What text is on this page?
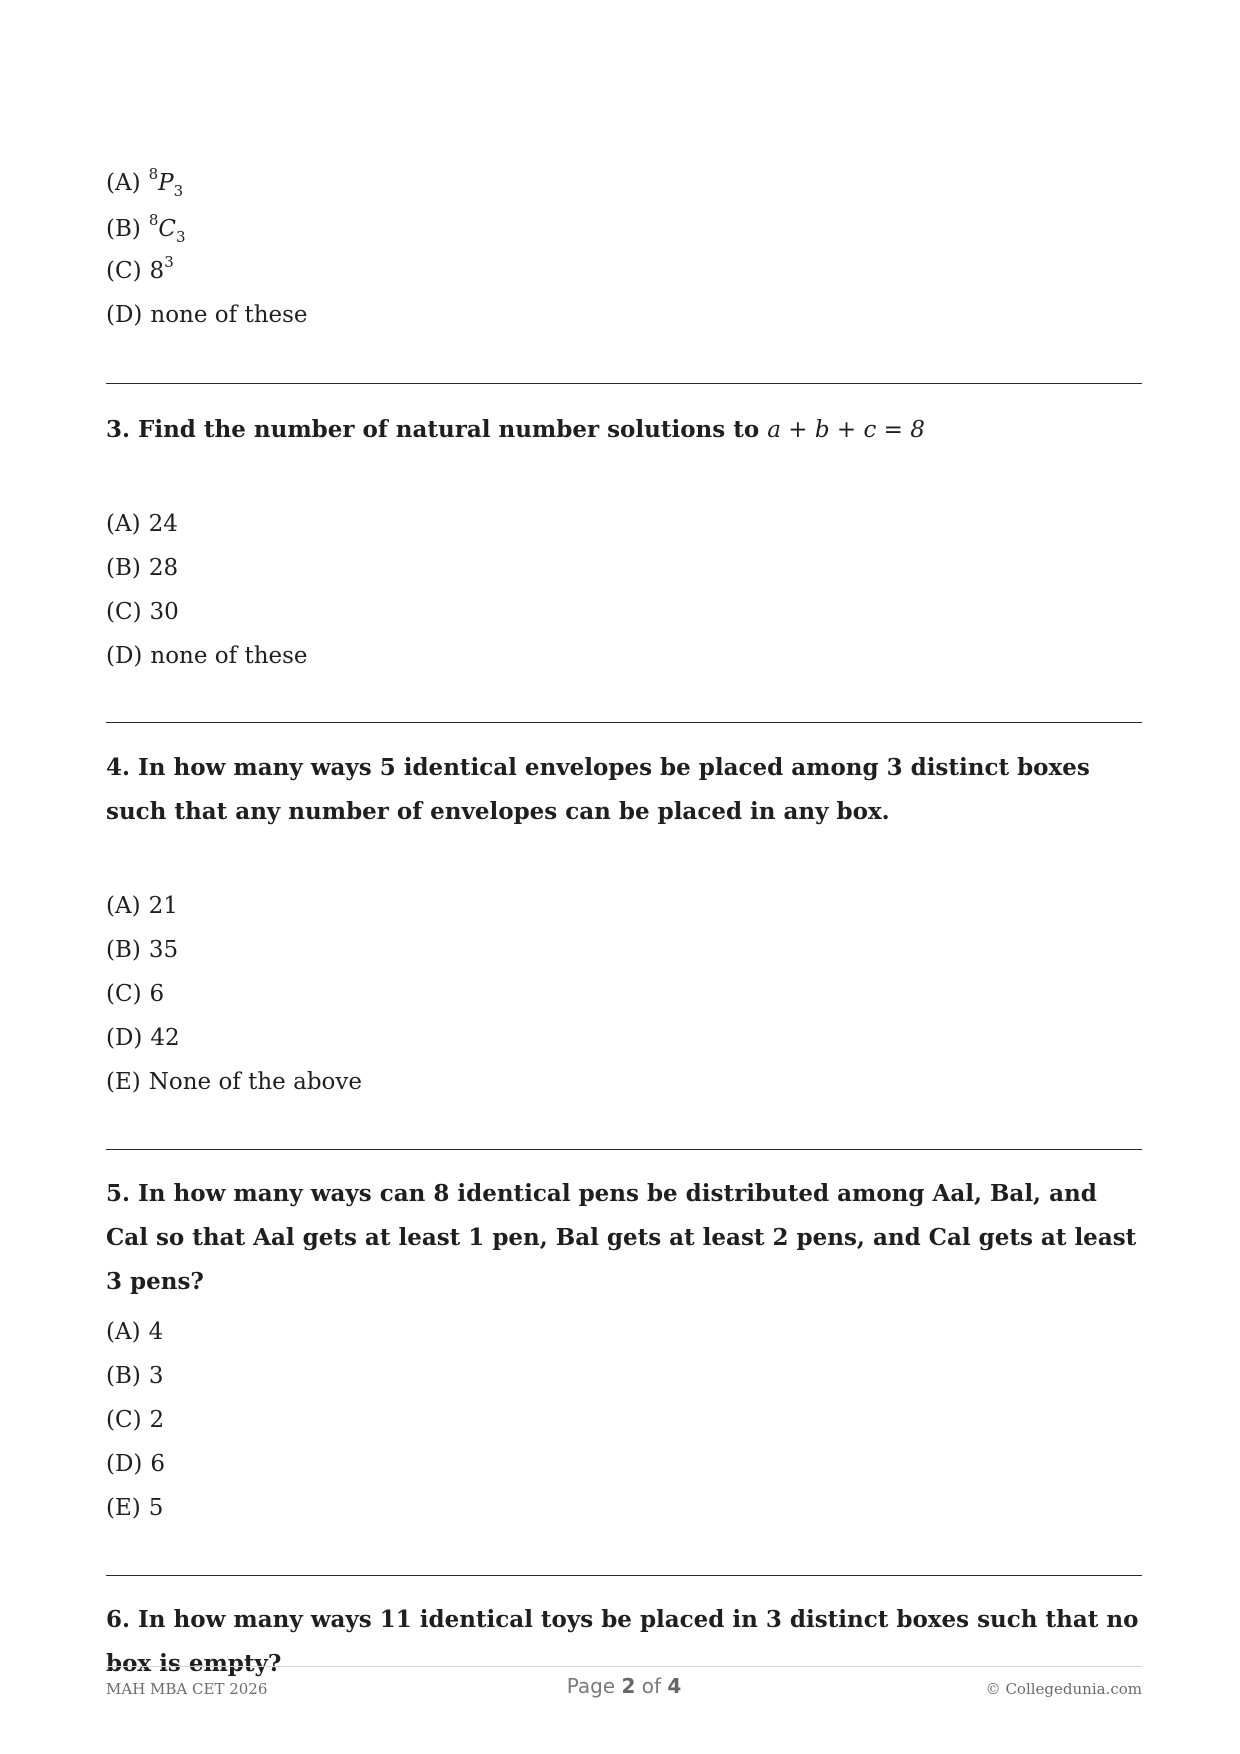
(A) $^8P_3$
(B) $^8C_3$
(C) $8^3$
(D) none of these
3. Find the number of natural number solutions to a + b + c = 8
(A) 24
(B) 28
(C) 30
(D) none of these
4. In how many ways 5 identical envelopes be placed among 3 distinct boxes such that any number of envelopes can be placed in any box.
(A) 21
(B) 35
(C) 6
(D) 42
(E) None of the above
5. In how many ways can 8 identical pens be distributed among Aal, Bal, and Cal so that Aal gets at least 1 pen, Bal gets at least 2 pens, and Cal gets at least 3 pens?
(A) 4
(B) 3
(C) 2
(D) 6
(E) 5
6. In how many ways 11 identical toys be placed in 3 distinct boxes such that no box is empty?
MAH MBA CET 2026	Page 2 of 4	© Collegedunia.com
